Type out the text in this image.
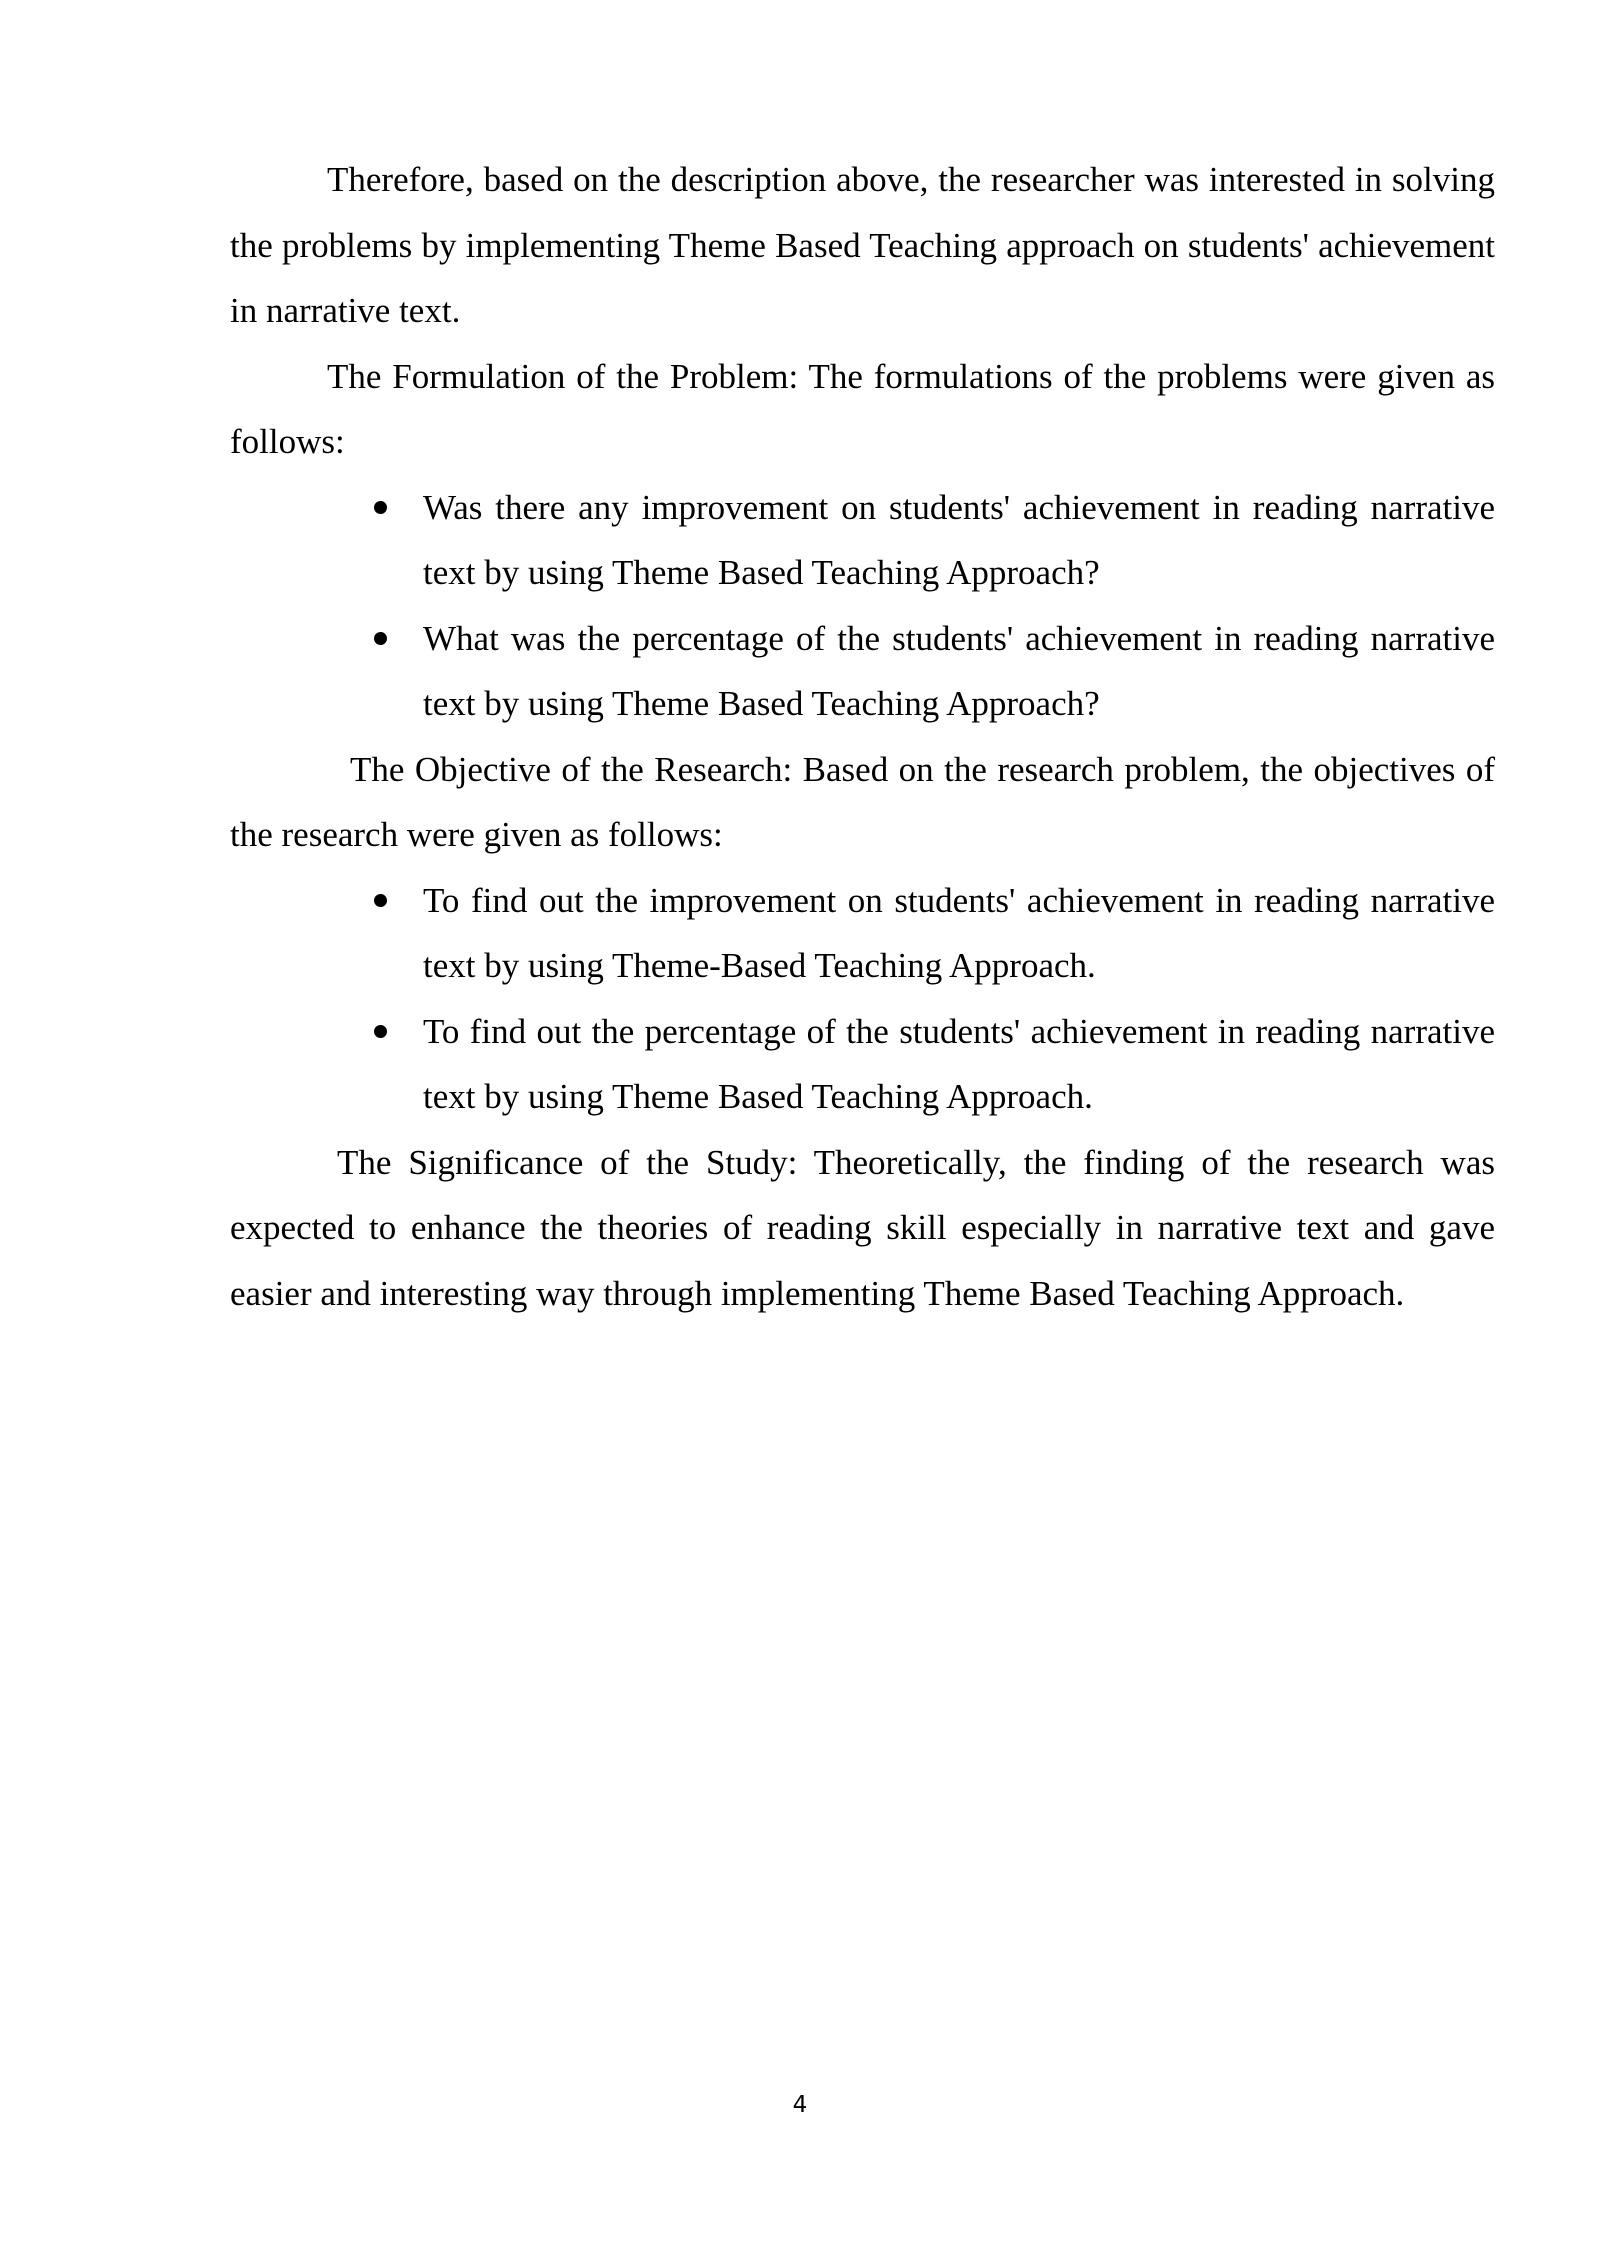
Therefore, based on the description above, the researcher was interested in solving the problems by implementing Theme Based Teaching approach on students' achievement in narrative text.

The Formulation of the Problem: The formulations of the problems were given as follows:

Was there any improvement on students' achievement in reading narrative text by using Theme Based Teaching Approach?
What was the percentage of the students' achievement in reading narrative text by using Theme Based Teaching Approach?

The Objective of the Research: Based on the research problem, the objectives of the research were given as follows:

To find out the improvement on students' achievement in reading narrative text by using Theme-Based Teaching Approach.
To find out the percentage of the students' achievement in reading narrative text by using Theme Based Teaching Approach.

The Significance of the Study: Theoretically, the finding of the research was expected to enhance the theories of reading skill especially in narrative text and gave easier and interesting way through implementing Theme Based Teaching Approach.

4
